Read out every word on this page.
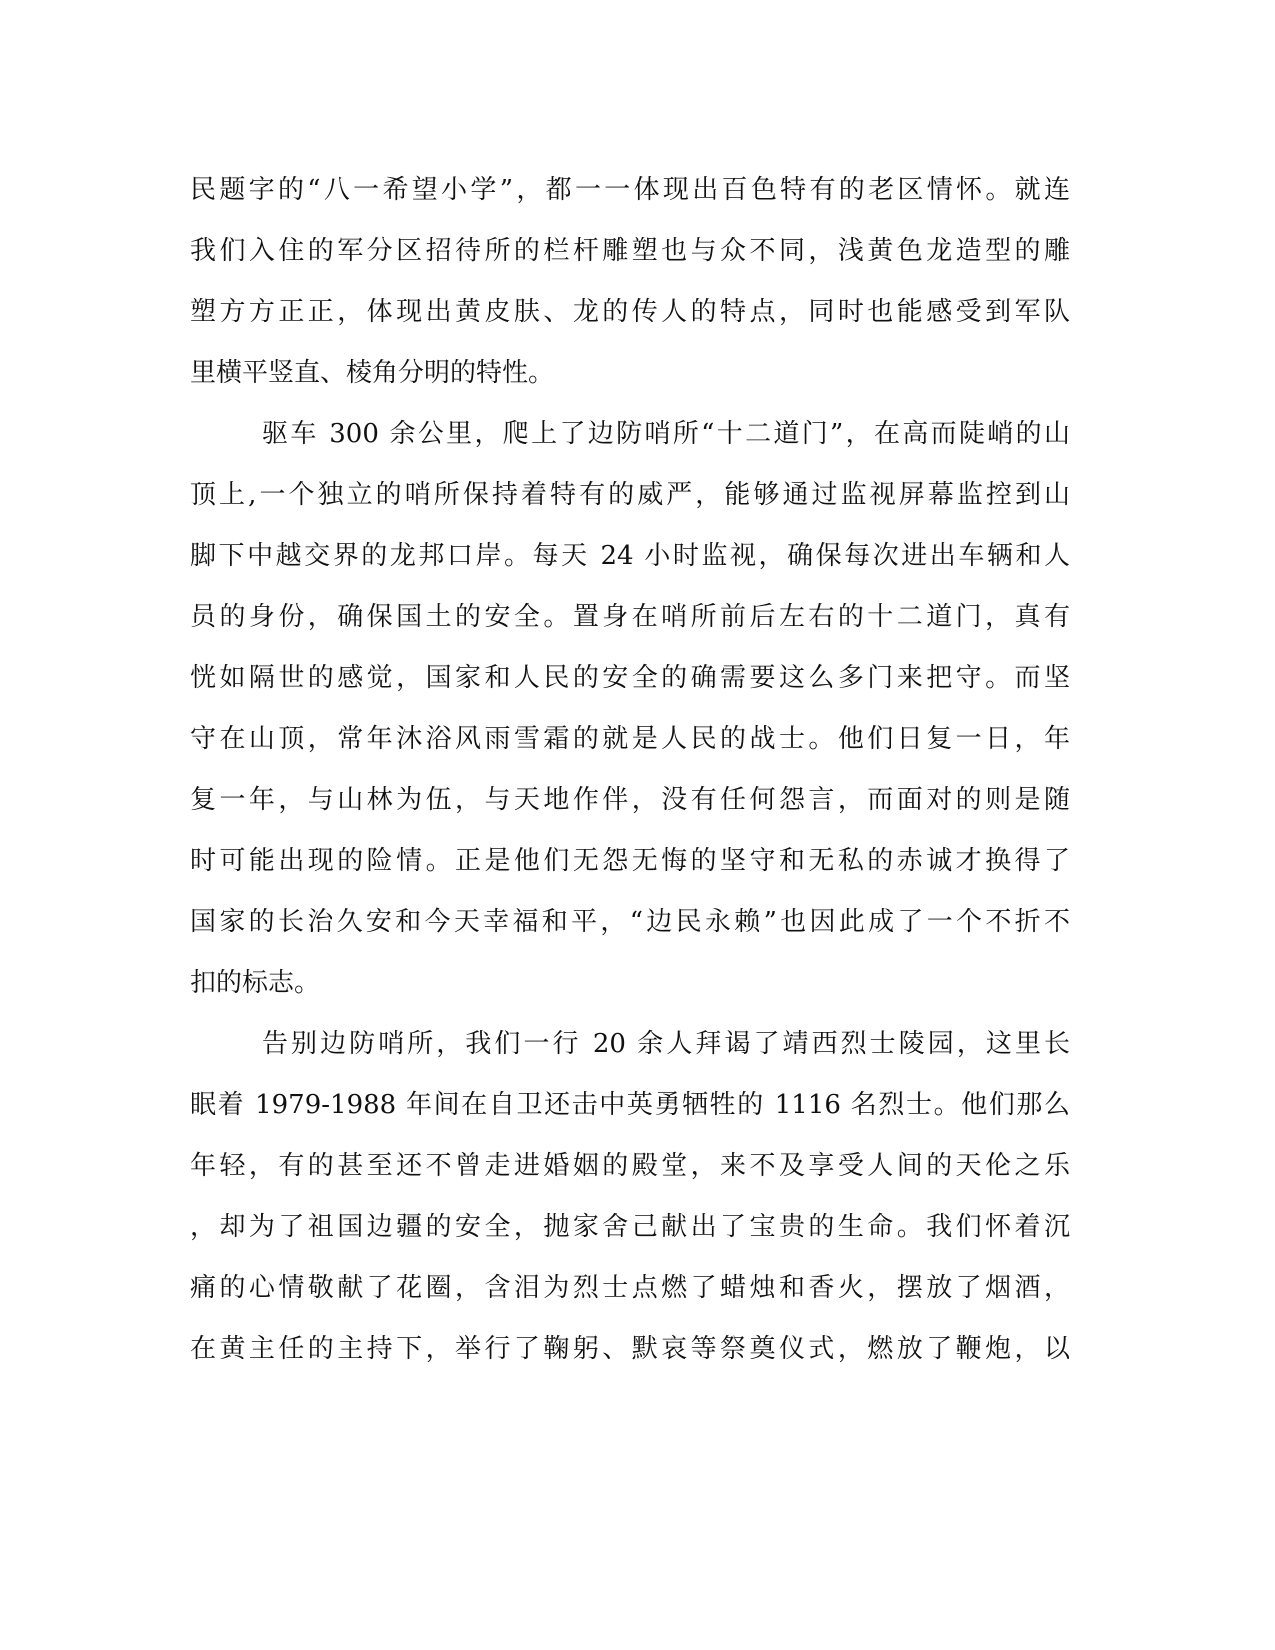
民题字的“八一希望小学”，都一一体现出百色特有的老区情怀。就连
我们入住的军分区招待所的栏杆雕塑也与众不同，浅黄色龙造型的雕
塑方方正正，体现出黄皮肤、龙的传人的特点，同时也能感受到军队
里横平竖直、棱角分明的特性。
驱车 300 余公里，爬上了边防哨所“十二道门”，在高而陡峭的山
顶上,一个独立的哨所保持着特有的威严，能够通过监视屏幕监控到山
脚下中越交界的龙邦口岸。每天 24 小时监视，确保每次进出车辆和人
员的身份，确保国土的安全。置身在哨所前后左右的十二道门，真有
恍如隔世的感觉，国家和人民的安全的确需要这么多门来把守。而坚
守在山顶，常年沐浴风雨雪霜的就是人民的战士。他们日复一日，年
复一年，与山林为伍，与天地作伴，没有任何怨言，而面对的则是随
时可能出现的险情。正是他们无怨无悔的坚守和无私的赤诚才换得了
国家的长治久安和今天幸福和平，“边民永赖”也因此成了一个不折不
扣的标志。
告别边防哨所，我们一行 20 余人拜谒了靖西烈士陵园，这里长
眠着 1979-1988 年间在自卫还击中英勇牺牲的 1116 名烈士。他们那么
年轻，有的甚至还不曾走进婚姻的殿堂，来不及享受人间的天伦之乐
，却为了祖国边疆的安全，抛家舍己献出了宝贵的生命。我们怀着沉
痛的心情敬献了花圈，含泪为烈士点燃了蜡烛和香火，摆放了烟酒，
在黄主任的主持下，举行了鞠躬、默哀等祭奠仪式，燃放了鞭炮，以
